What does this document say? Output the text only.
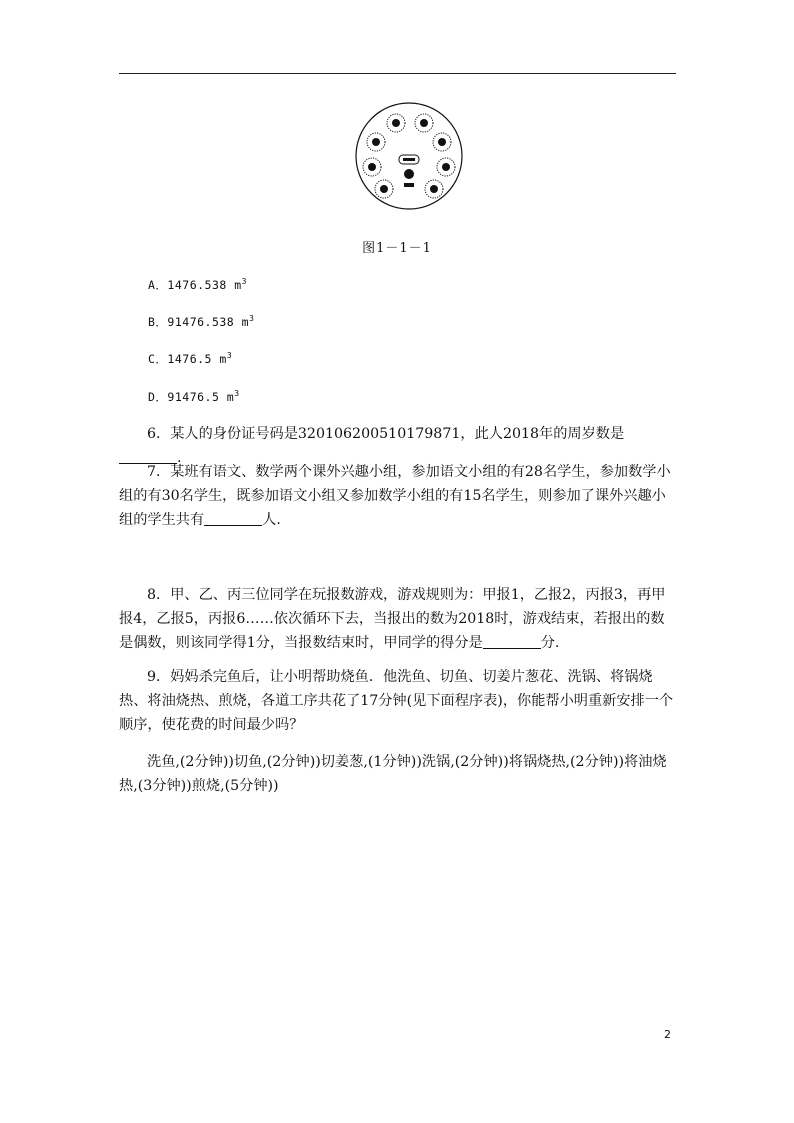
图1－1－1
A．1476.538 $m^3$
B．91476.538 $m^3$
C．1476.5 $m^3$
D．91476.5 $m^3$
6．某人的身份证号码是320106200510179871，此人2018年的周岁数是.
7．某班有语文、数学两个课外兴趣小组，参加语文小组的有28名学生，参加数学小组的有30名学生，既参加语文小组又参加数学小组的有15名学生，则参加了课外兴趣小组的学生共有	人.
8．甲、乙、丙三位同学在玩报数游戏，游戏规则为：甲报1，乙报2，丙报3，再甲报4，乙报5，丙报6……依次循环下去，当报出的数为2018时，游戏结束，若报出的数是偶数，则该同学得1分，当报数结束时，甲同学的得分是	分.
9．妈妈杀完鱼后，让小明帮助烧鱼．他洗鱼、切鱼、切姜片葱花、洗锅、将锅烧热、将油烧热、煎烧，各道工序共花了17分钟(见下面程序表)，你能帮小明重新安排一个顺序，使花费的时间最少吗？
洗鱼,(2分钟))切鱼,(2分钟))切姜葱,(1分钟))洗锅,(2分钟))将锅烧热,(2分钟))将油烧热,(3分钟))煎烧,(5分钟))
2
